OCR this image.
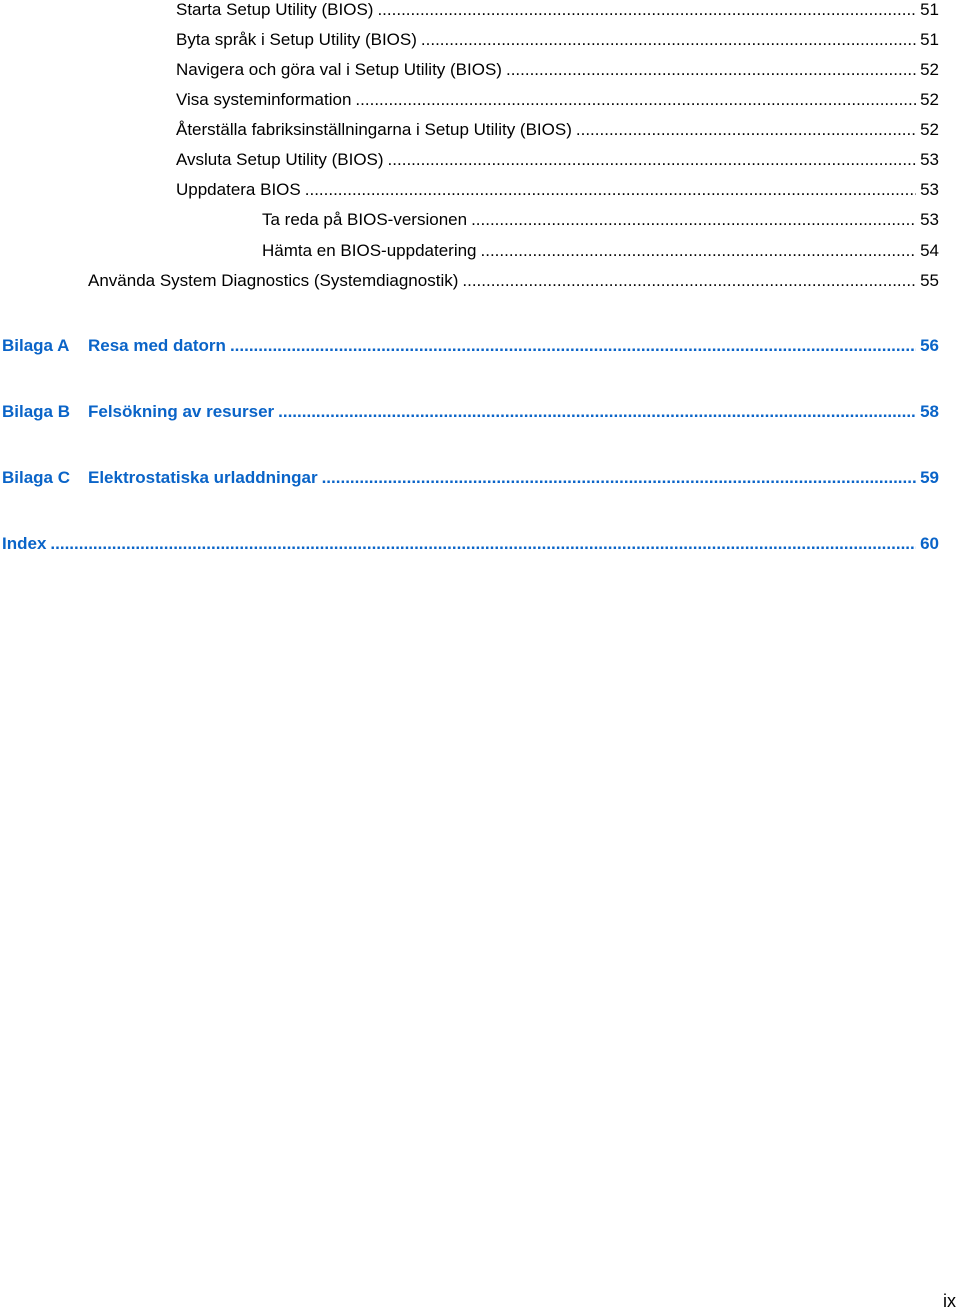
Starta Setup Utility (BIOS) .....	51
Byta språk i Setup Utility (BIOS) .....	51
Navigera och göra val i Setup Utility (BIOS) .....	52
Visa systeminformation .....	52
Återställa fabriksinställningarna i Setup Utility (BIOS) .....	52
Avsluta Setup Utility (BIOS) .....	53
Uppdatera BIOS .....	53
Ta reda på BIOS-versionen .....	53
Hämta en BIOS-uppdatering .....	54
Använda System Diagnostics (Systemdiagnostik) .....	55
Bilaga A	Resa med datorn .....	56
Bilaga B	Felsökning av resurser .....	58
Bilaga C	Elektrostatiska urladdningar .....	59
Index .....	60
ix
